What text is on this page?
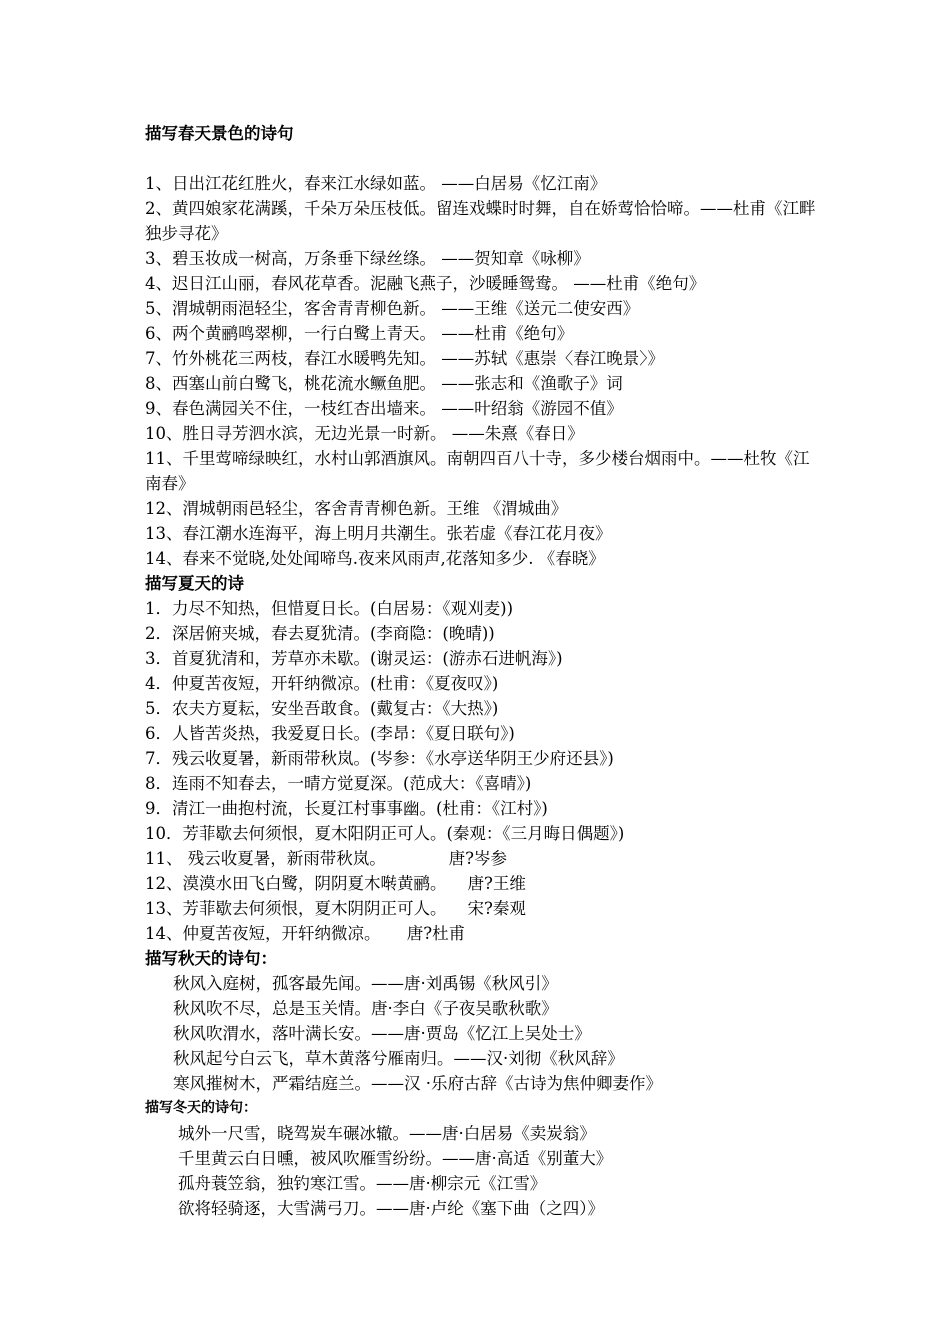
描写春天景色的诗句
1、日出江花红胜火，春来江水绿如蓝。 ——白居易《忆江南》
2、黄四娘家花满蹊，千朵万朵压枝低。留连戏蝶时时舞，自在娇莺恰恰啼。——杜甫《江畔独步寻花》
3、碧玉妆成一树高，万条垂下绿丝绦。 ——贺知章《咏柳》
4、迟日江山丽，春风花草香。泥融飞燕子，沙暖睡鸳鸯。 ——杜甫《绝句》
5、渭城朝雨浥轻尘，客舍青青柳色新。 ——王维《送元二使安西》
6、两个黄鹂鸣翠柳，一行白鹭上青天。 ——杜甫《绝句》
7、竹外桃花三两枝，春江水暖鸭先知。 ——苏轼《惠崇〈春江晚景〉》
8、西塞山前白鹭飞，桃花流水鳜鱼肥。 ——张志和《渔歌子》词
9、春色满园关不住，一枝红杏出墙来。 ——叶绍翁《游园不值》
10、胜日寻芳泗水滨，无边光景一时新。 ——朱熹《春日》
11、千里莺啼绿映红，水村山郭酒旗风。南朝四百八十寺，多少楼台烟雨中。——杜牧《江南春》
12、渭城朝雨邑轻尘，客舍青青柳色新。王维 《渭城曲》
13、春江潮水连海平，海上明月共潮生。张若虚《春江花月夜》
14、春来不觉晓,处处闻啼鸟.夜来风雨声,花落知多少. 《春晓》
描写夏天的诗
1．力尽不知热，但惜夏日长。(白居易：《观刈麦))
2．深居俯夹城，春去夏犹清。(李商隐：(晚晴))
3．首夏犹清和，芳草亦未歇。(谢灵运：(游赤石进帆海》)
4．仲夏苦夜短，开轩纳微凉。(杜甫：《夏夜叹》)
5．农夫方夏耘，安坐吾敢食。(戴复古：《大热》)
6．人皆苦炎热，我爱夏日长。(李昂：《夏日联句》)
7．残云收夏暑，新雨带秋岚。(岑参：《水亭送华阴王少府还县》)
8．连雨不知春去，一晴方觉夏深。(范成大：《喜晴》)
9．清江一曲抱村流，长夏江村事事幽。(杜甫：《江村》)
10．芳菲歇去何须恨，夏木阳阴正可人。(秦观：《三月晦日偶题》)
11、 残云收夏暑，新雨带秋岚。            唐?岑参
12、漠漠水田飞白鹭，阴阴夏木啭黄鹂。    唐?王维
13、芳菲歇去何须恨，夏木阴阴正可人。    宋?秦观
14、仲夏苦夜短，开轩纳微凉。     唐?杜甫
描写秋天的诗句：
秋风入庭树，孤客最先闻。——唐·刘禹锡《秋风引》
秋风吹不尽，总是玉关情。唐·李白《子夜吴歌秋歌》
秋风吹渭水，落叶满长安。——唐·贾岛《忆江上吴处士》
秋风起兮白云飞，草木黄落兮雁南归。——汉·刘彻《秋风辞》
寒风摧树木，严霜结庭兰。——汉 ·乐府古辞《古诗为焦仲卿妻作》
描写冬天的诗句：
城外一尺雪，晓驾炭车碾冰辙。——唐·白居易《卖炭翁》
千里黄云白日曛，被风吹雁雪纷纷。——唐·高适《别董大》
孤舟蓑笠翁，独钓寒江雪。——唐·柳宗元《江雪》
欲将轻骑逐，大雪满弓刀。——唐·卢纶《塞下曲（之四）》
